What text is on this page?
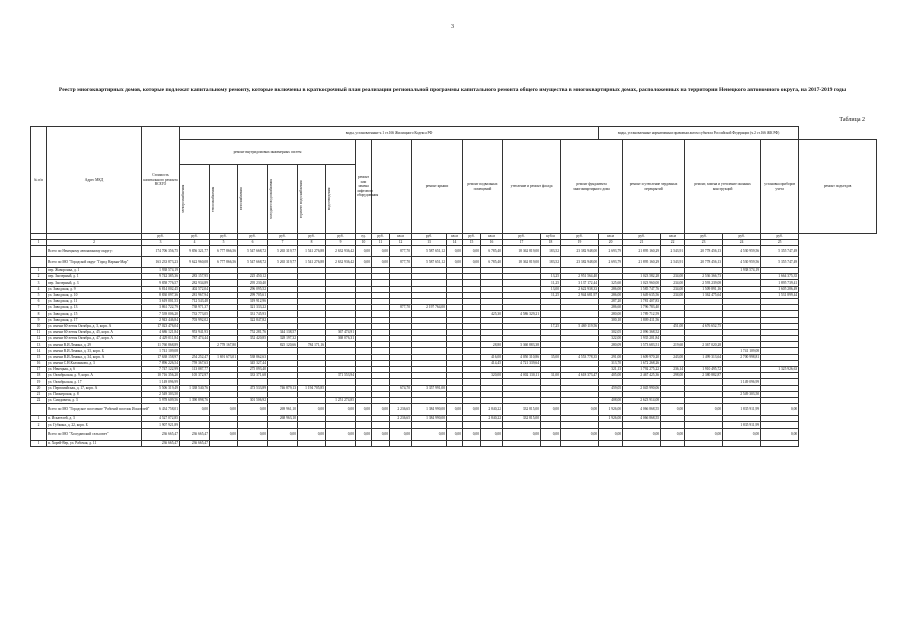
3
Реестр многоквартирных домов, которые подлежат капитальному ремонту, которые включены в краткосрочный план реализации региональной программы капитального ремонта общего имущества в многоквартирных домах, расположенных на территории Ненецкого автономного округа, на 2017-2019 годы
Таблица 2
№ п/п	Адрес МКД	Стоимость капитального ремонта ВСЕГО	виды, установленные ч.1 ст.166 Жилищного Кодекса РФ																виды, установленные нормативным правовым актом субъекта Российской Федерации (ч.2 ст.166 ЖК РФ)						
			ремонт внутридомовых инженерных систем						ремонт или замена лифтового оборудования			ремонт крыши		ремонт подвальных помещений		утепление и ремонт фасада		ремонт фундамента многоквартирного дома		ремонт и утепление чердачных перекрытий		ремонт, замена и утепление оконных конструкций		установка приборов учета	ремонт подъездов

			электроснабжения	теплоснабжения	газоснабжения	холодного водоснабжения	горячего водоснабжения	водоотведения																	

		руб.	руб.	руб.	руб.	руб.	руб.	руб.	ед.	руб.	кв.м	руб.	кв.м	руб.	кв.м	руб.	куб.м	руб.	кв.м	руб.	кв.м	руб.	руб.	руб.	
1	2	3	4	5	6	7	8	9	10	11	12	13	14	15	16	17	18	19	20	21	22	23	24	25	
	Всего по Ненецкому автономному округу:	174 706 356,75	9 856 321,77	6 777 866,56	5 547 668,72	5 265 319,77	1 541 276,88	2 632 936,42	0,00	0,00	877,70	5 587 651,12	0,00	0,00	6 785,40	18 362 819,00	183,52	23 382 948,00	2 693,79	21 895 160,29	2 543,91	20 778 456,13	4 530 959,56	5 355 747,49	
	Всего по МО "Городской округ "Город Нарьян-Мар"	163 233 873,23	9 622 960,08	6 777 866,56	5 547 668,72	5 265 319,77	1 541 276,88	2 632 936,42	0,00	0,00	877,70	5 587 651,12	0,00	0,00	6 785,40	18 362 819,00	183,52	23 382 948,00	2 693,79	21 895 160,29	2 543,91	20 778 456,13	4 530 959,56	5 355 747,49	
1	пер. Жаворонка, д. 1	1 938 574,19																					1 938 574,19		
2	пер. Заозерный, д. 1	9 742 385,36	283 157,95		225 450,12												13,25	2 951 564,40		1 023 582,28	234,00	2 536 366,73		1 664 375,35	
3	пер. Заозерный, д. 3	9 858 776,57	282 934,89		295 230,40												11,25	3 137 172,44	325,60	1 023 960,00	234,00	2 593 239,08		1 895 739,41	
4	ул. Заводская, д. 9	6 814 002,45	402 572,04		296 095,52												13,00	2 622 938,33	286,00	1 585 747,76	234,00	1 509 891,16		1 605 286,49	
5	ул. Заводская, д. 10	8 830 097,36	281 967,94		299 705,61												11,25	2 944 681,97	286,00	1 649 635,56	234,00	1 362 475,64		1 531 899,44	
6	ул. Заводская, д. 11	3 619 001,53	712 543,48		319 912,96														287,20	1 781 407,83					
7	ул. Заводская, д. 13	3 861 722,79	738 971,37		321 333,22						877,70	2 197 764,00							286,60	1 796 783,40					
8	ул. Заводская, д. 15	7 539 006,20	733 773,05		331 745,93										425,30	4 586 329,21			280,00	1 789 712,59					
9	ул. Заводская, д. 17	2 943 446,84	703 992,02		322 847,82														300,10	1 809 411,56					
10	ул. имени 60-летия Октября, д. 3, корп. А	17 023 476,04															17,25	5 469 119,56			451,00	4 676 652,75			
11	ул. имени 60-летия Октября, д. 45, корп. А	4 686 121,84	953 941,93		752 281,76	344 138,57		367 474,91											302,05	2 096 368,52					
12	ул. имени 60-летия Октября, д. 47, корп. А	4 429 011,84	787 474,44		352 420,85	328 197,32		368 076,31											322,00	1 935 201,84					
13	ул. имени В.И.Ленина, д. 29	11 760 868,89		2 778 167,80		825 120,66	784 171,16								28,80	3 360 883,38			280,09	1 573 683,51	219,60	2 367 020,28			
14	ул. имени В.И.Ленина, д. 33, корп. Б	1 741 109,08																					1 741 109,08		
15	ул. имени В.И.Ленина, д. 34, корп. А	17 638 158,97	254 252,47	1 691 673,01	538 862,63										416,00	4 050 310,86	35,00	4 553 778,35	291,00	1 609 970,20	243,00	1 499 313,64	2 700 998,81		
16	ул. имени С.Н.Калмыкова, д. 3	7 896 226,54	759 367,63		345 327,44										414,45	4 721 339,64			313,70	1 672 268,26					
17	ул. Ненецкая, д. 6	7 747 122,99	113 087,77		275 093,40														321,13	1 792 275,22	236,14	1 910 495,72		1 325 926,63	
18	ул. Октябрьская, д. 9, корп. А	10 716 356,20	105 372,97		333 371,68			371 553,94							320,00	4 002 130,11	31,00	4 618 373,47	405,00	2 467 425,36	298,00	2 380 882,87			
19	ул. Октябрьская, д. 17	1 149 096,99																					1 149 096,99		
20	ул. Первомайская, д. 17, корп. А	5 506 319,49	1 338 540,76		473 533,89	746 879,13	1 194 705,85				674,70	3 357 991,00							459,05	2 045 990,06					
21	ул. Пионерская, д. 8	2 549 303,50																					2 549 303,50		
22	ул. Смидовича, д. 3	5 978 609,56	1 390 898,76		301 506,92			1 251 274,85											408,00	2 623 914,08					
	Всего по МО "Городское поселение "Рабочий поселок Искателей"	6 434 758,01	0,00	0,00	0,00	269 961,10	0,00	0,00	0,00	0,00	2 236,65	1 384 990,00	0,00	0,00	2 840,22	332 815,00	0,00	0,00	1 926,00	4 066 868,55	0,00	0,00	1 835 911,99	0,00	
1	п. Искателей, д. 3	4 527 072,85				268 963,10					2 236,65	1 384 990,00			2 840,22	332 815,00			1 926,00	4 066 868,55					
2	ул. Губкина, д. 22, корп. Б	1 907 921,89																					1 835 911,99		
	Всего по МО "Хоседаюский сельсовет"	236 665,47	236 665,47	0,00	0,00	0,00	0,00	0,00	0,00	0,00	0,00	0,00	0,00	0,00	0,00	0,00	0,00	0,00	0,00	0,00	0,00	0,00	0,00	0,00	
1	п. Хорей-Вер, ул. Рабочая, д. 11	236 665,47	236 665,47																						
